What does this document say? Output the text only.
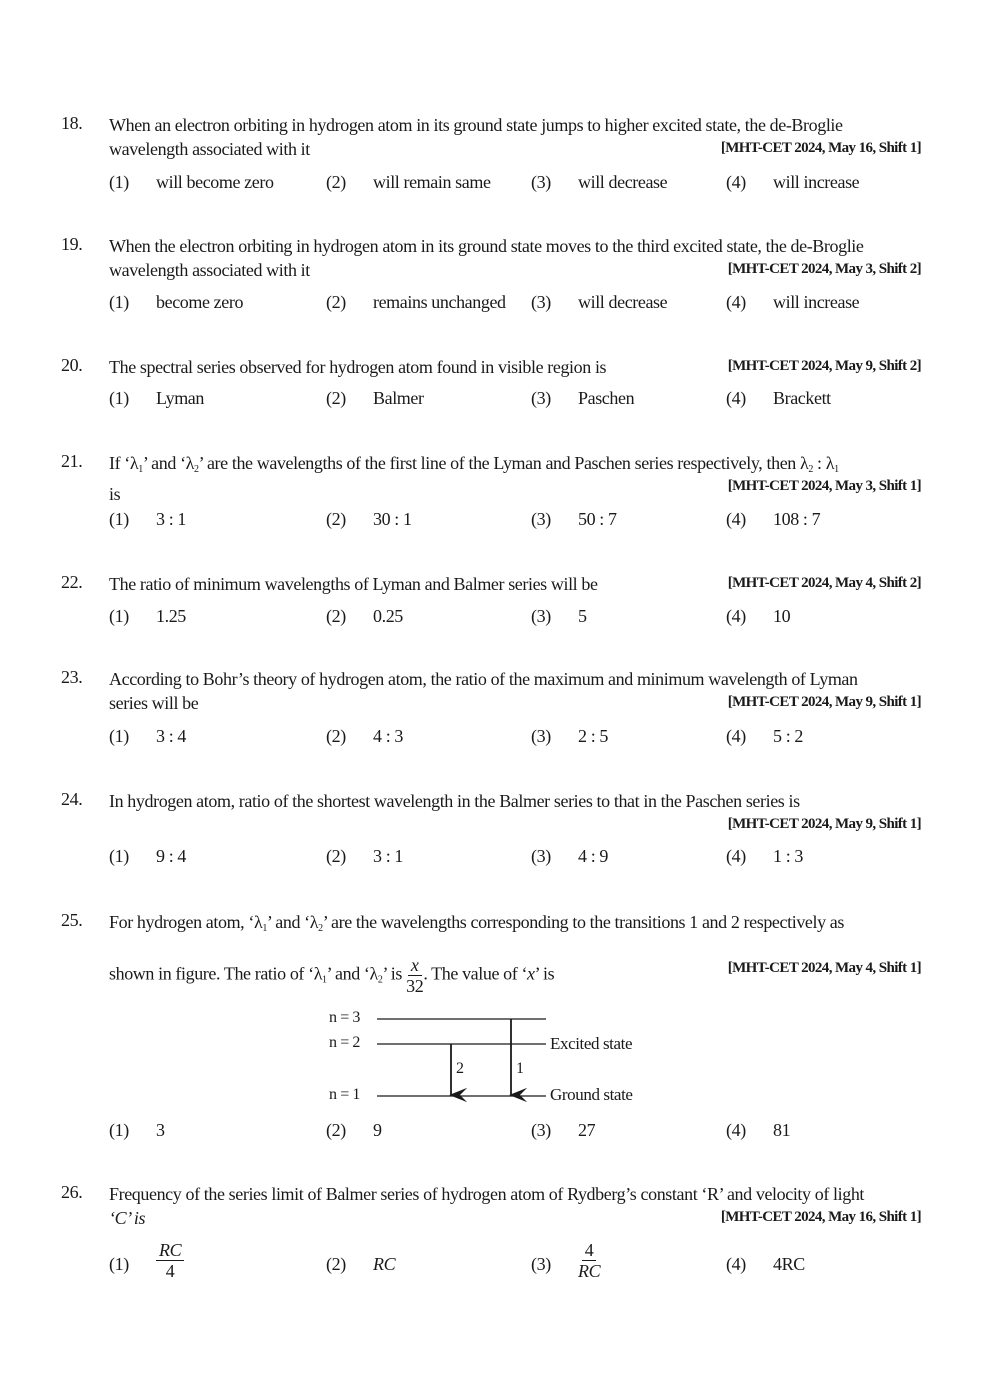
18. When an electron orbiting in hydrogen atom in its ground state jumps to higher excited state, the de-Broglie
wavelength associated with it	[MHT-CET 2024, May 16, Shift 1]
(1) will become zero	(2) will remain same (3) will decrease	(4) will increase
19. When the electron orbiting in hydrogen atom in its ground state moves to the third excited state, the de-Broglie
wavelength associated with it	[MHT-CET 2024, May 3, Shift 2]
(1) become zero	(2) remains unchanged (3) will decrease	(4) will increase
20. The spectral series observed for hydrogen atom found in visible region is	[MHT-CET 2024, May 9, Shift 2]
(1) Lyman	(2) Balmer	(3) Paschen	(4) Brackett
21. If ‘$\lambda_1$’ and ‘$\lambda_2$’ are the wavelengths of the first line of the Lyman and Paschen series respectively, then $\lambda_2$ : $\lambda_1$
is	[MHT-CET 2024, May 3, Shift 1]
(1) 3 : 1	(2) 30 : 1	(3) 50 : 7	(4) 108 : 7
22. The ratio of minimum wavelengths of Lyman and Balmer series will be	[MHT-CET 2024, May 4, Shift 2]
(1) 1.25	(2) 0.25	(3) 5	(4) 10
23. According to Bohr’s theory of hydrogen atom, the ratio of the maximum and minimum wavelength of Lyman
series will be	[MHT-CET 2024, May 9, Shift 1]
(1) 3 : 4	(2) 4 : 3	(3) 2 : 5	(4) 5 : 2
24. In hydrogen atom, ratio of the shortest wavelength in the Balmer series to that in the Paschen series is
[MHT-CET 2024, May 9, Shift 1]
(1) 9 : 4	(2) 3 : 1	(3) 4 : 9	(4) 1 : 3
25. For hydrogen atom, ‘$\lambda_1$’ and ‘$\lambda_2$’ are the wavelengths corresponding to the transitions 1 and 2 respectively as
shown in figure. The ratio of ‘$\lambda_1$’ and ‘$\lambda_2$’ is $\frac{x}{32}$ . The value of ‘x’ is	[MHT-CET 2024, May 4, Shift 1]
(1) 3	(2) 9	(3) 27	(4) 81
n = 3
n = 2
n = 1
Excited state
Ground state
2	1
26. Frequency of the series limit of Balmer series of hydrogen atom of Rydberg’s constant ‘R’ and velocity of light
‘C’ is	[MHT-CET 2024, May 16, Shift 1]
$(1) \frac{RC}{4}$	(2) RC	$(3) \frac{4}{RC}$	(4) 4RC
